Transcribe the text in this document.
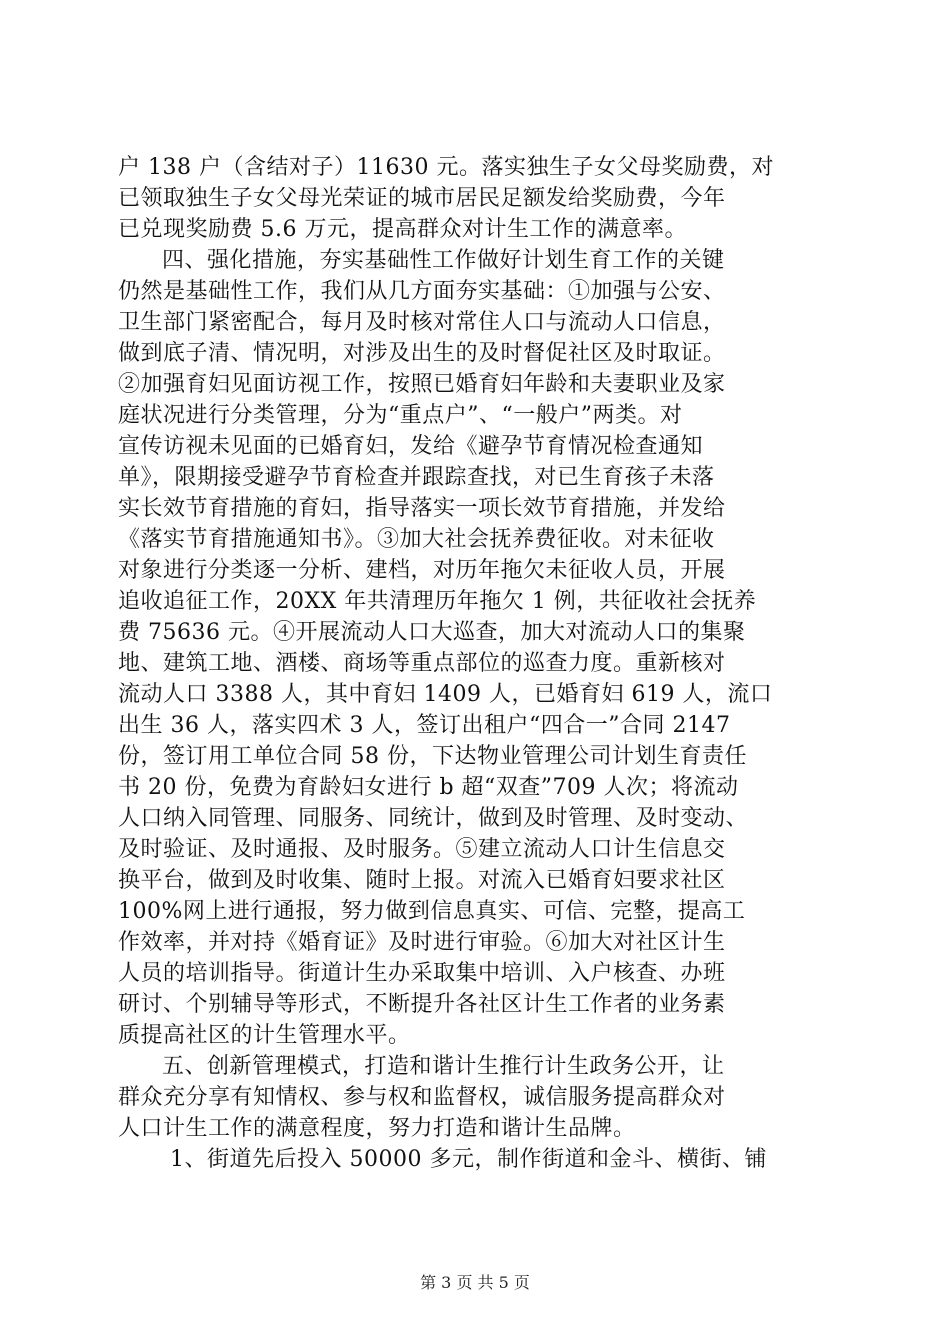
户 138 户（含结对子）11630 元。落实独生子女父母奖励费，对
已领取独生子女父母光荣证的城市居民足额发给奖励费，今年
已兑现奖励费 5.6 万元，提高群众对计生工作的满意率。
四、强化措施，夯实基础性工作做好计划生育工作的关键
仍然是基础性工作，我们从几方面夯实基础：①加强与公安、
卫生部门紧密配合，每月及时核对常住人口与流动人口信息，
做到底子清、情况明，对涉及出生的及时督促社区及时取证。
②加强育妇见面访视工作，按照已婚育妇年龄和夫妻职业及家
庭状况进行分类管理，分为“重点户”、“一般户”两类。对
宣传访视未见面的已婚育妇，发给《避孕节育情况检查通知
单》，限期接受避孕节育检查并跟踪查找，对已生育孩子未落
实长效节育措施的育妇，指导落实一项长效节育措施，并发给
《落实节育措施通知书》。③加大社会抚养费征收。对未征收
对象进行分类逐一分析、建档，对历年拖欠未征收人员，开展
追收追征工作，20XX 年共清理历年拖欠 1 例，共征收社会抚养
费 75636 元。④开展流动人口大巡查，加大对流动人口的集聚
地、建筑工地、酒楼、商场等重点部位的巡查力度。重新核对
流动人口 3388 人，其中育妇 1409 人，已婚育妇 619 人，流口
出生 36 人，落实四术 3 人，签订出租户“四合一”合同 2147
份，签订用工单位合同 58 份，下达物业管理公司计划生育责任
书 20 份，免费为育龄妇女进行 b 超“双查”709 人次；将流动
人口纳入同管理、同服务、同统计，做到及时管理、及时变动、
及时验证、及时通报、及时服务。⑤建立流动人口计生信息交
换平台，做到及时收集、随时上报。对流入已婚育妇要求社区
100%网上进行通报，努力做到信息真实、可信、完整，提高工
作效率，并对持《婚育证》及时进行审验。⑥加大对社区计生
人员的培训指导。街道计生办采取集中培训、入户核查、办班
研讨、个别辅导等形式，不断提升各社区计生工作者的业务素
质提高社区的计生管理水平。
五、创新管理模式，打造和谐计生推行计生政务公开，让
群众充分享有知情权、参与权和监督权，诚信服务提高群众对
人口计生工作的满意程度，努力打造和谐计生品牌。
1、街道先后投入 50000 多元，制作街道和金斗、横街、铺
第 3 页 共 5 页
